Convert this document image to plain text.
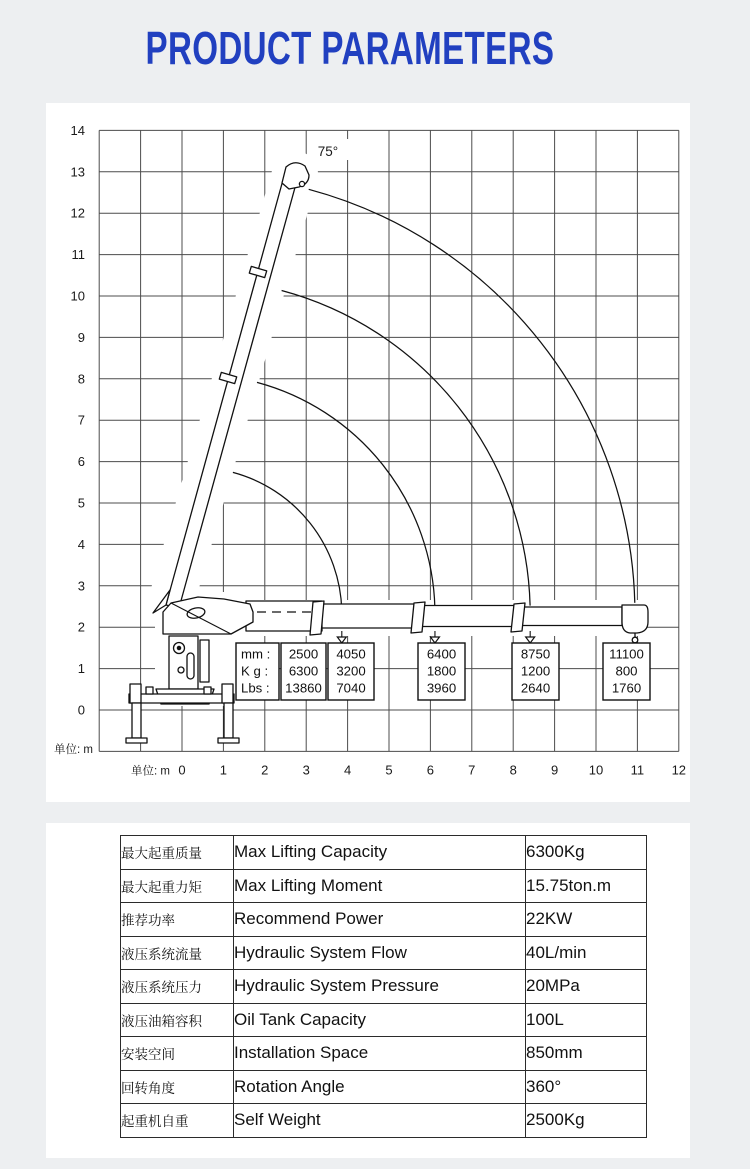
PRODUCT PARAMETERS
14
13
12
11
10
9
8
7
6
5
4
3
2
1
0
0	1	2	3	4	5	6	7	8	9 10 11 12
单位: m
单位: m
75°
mm :
K g :
Lbs :
2500
6300
13860
4050
3200
7040
6400
1800
3960
8750
1200
2640
11100
800
1760
最大起重质量	Max Lifting Capacity	6300Kg
最大起重力矩	Max Lifting Moment	15.75ton.m
推荐功率	Recommend Power	22KW
液压系统流量	Hydraulic System Flow	40L/min
液压系统压力	Hydraulic System Pressure	20MPa
液压油箱容积	Oil Tank Capacity	100L
安装空间	Installation Space	850mm
回转角度	Rotation Angle	360°
起重机自重	Self Weight	2500Kg
